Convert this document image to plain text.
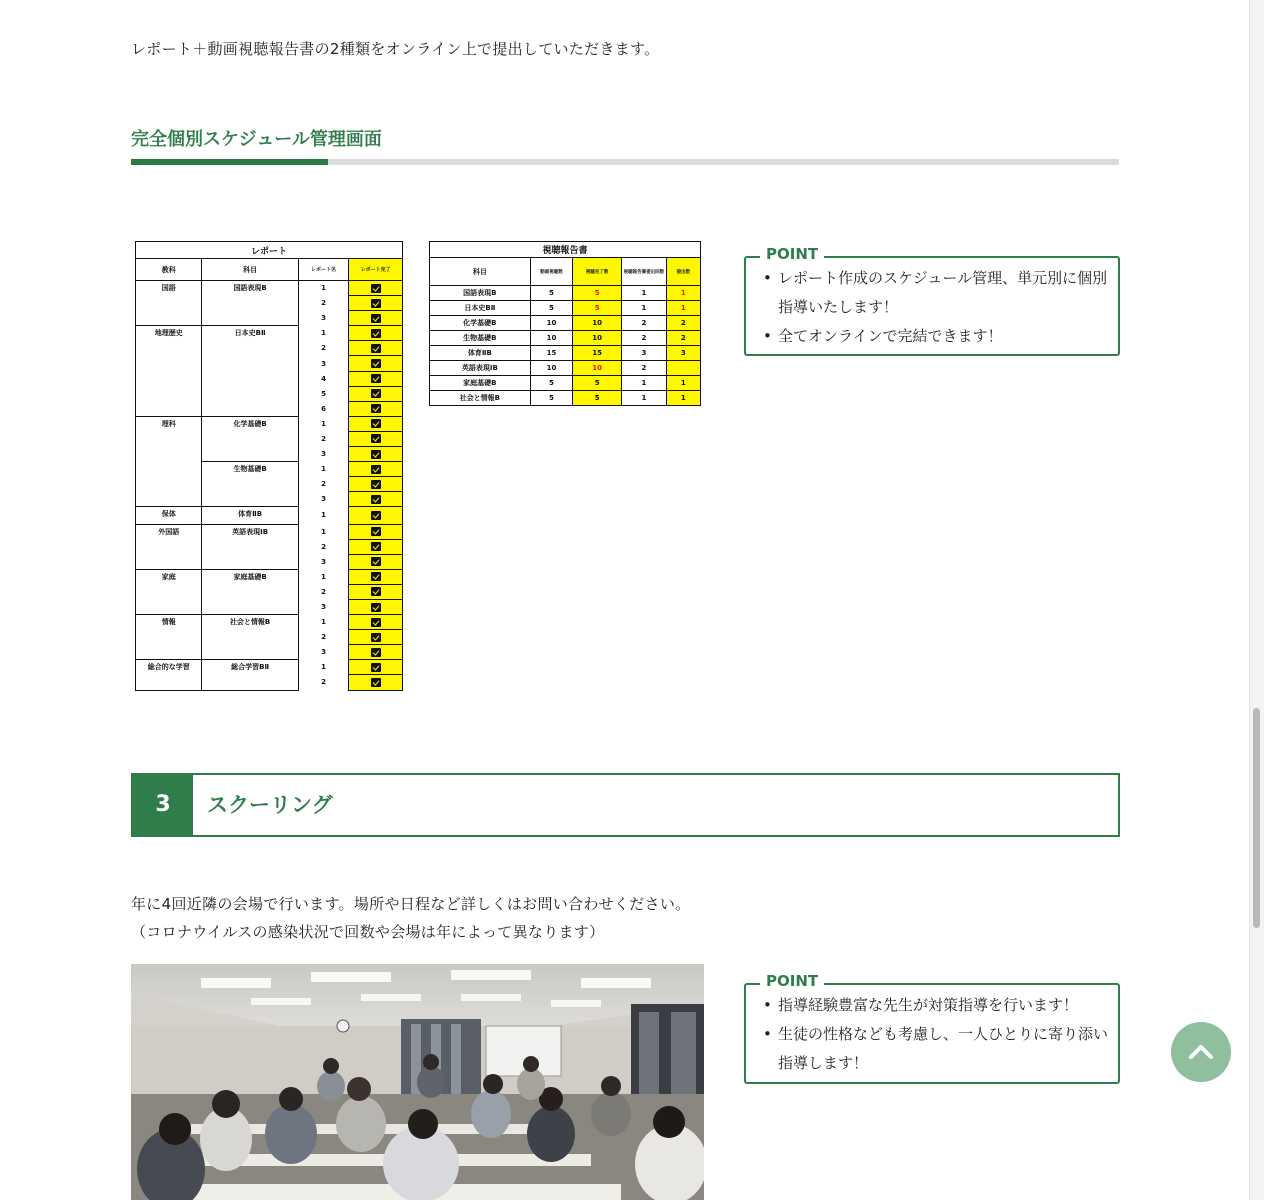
レポート＋動画視聴報告書の2種類をオンライン上で提出していただきます。
完全個別スケジュール管理画面
レポート			
教科	科目	レポート名	レポート完了
国語	国語表現B	1	
		2	
		3	
地理歴史	日本史BⅡ	1	
		2	
		3	
		4	
		5	
		6	
理科	化学基礎B	1	
		2	
		3	
	生物基礎B	1	
		2	
		3	
保体	体育ⅡB	1	
外国語	英語表現ⅠB	1	
		2	
		3	
家庭	家庭基礎B	1	
		2	
		3	
情報	社会と情報B	1	
		2	
		3	
総合的な学習	総合学習BⅡ	1	
		2	
視聴報告書				
科目	動画視聴数	視聴完了数	視聴報告書提出回数	提出数
国語表現B	5	5	1	1
日本史BⅡ	5	5	1	1
化学基礎B	10	10	2	2
生物基礎B	10	10	2	2
体育ⅡB	15	15	3	3
英語表現ⅠB	10	10	2	
家庭基礎B	5	5	1	1
社会と情報B	5	5	1	1
POINT
• レポート作成のスケジュール管理、単元別に個別指導いたします！
• 全てオンラインで完結できます！
3	スクーリング
年に4回近隣の会場で行います。場所や日程など詳しくはお問い合わせください。
（コロナウイルスの感染状況で回数や会場は年によって異なります）
POINT
• 指導経験豊富な先生が対策指導を行います！
• 生徒の性格なども考慮し、一人ひとりに寄り添い指導します！
